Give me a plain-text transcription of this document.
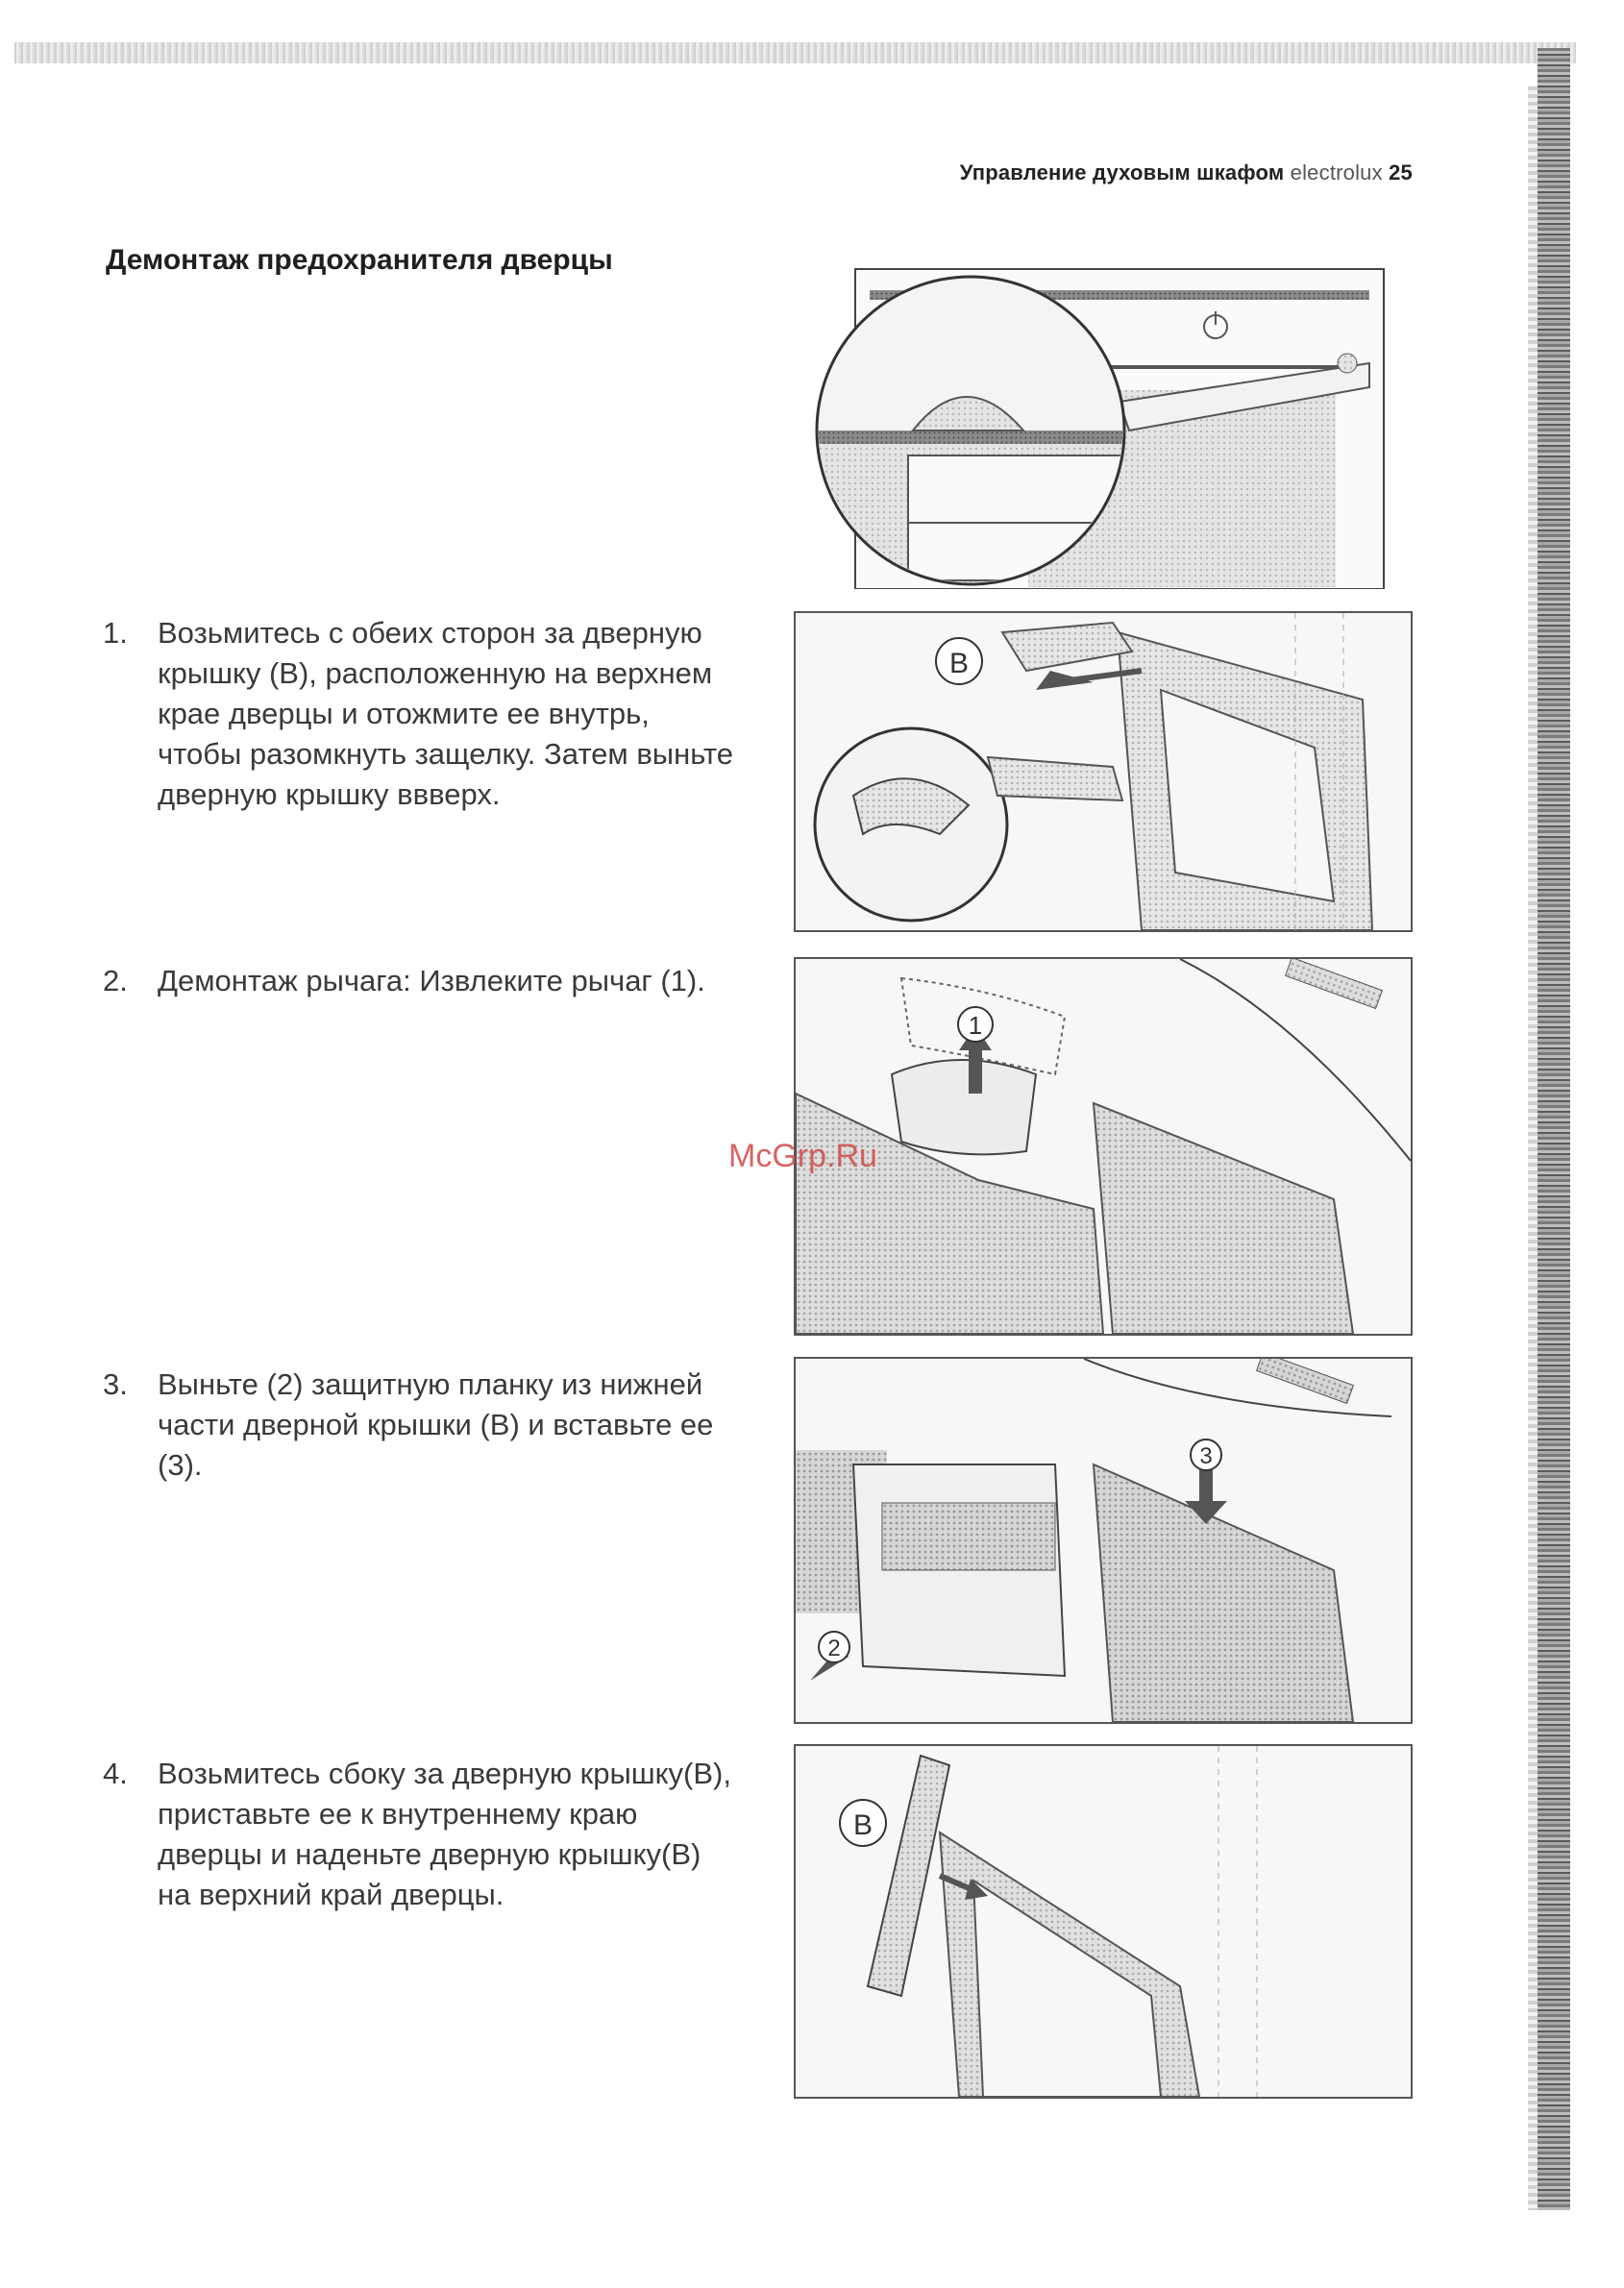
Управление духовым шкафом electrolux 25
Демонтаж предохранителя дверцы
1. Возьмитесь с обеих сторон за дверную крышку (B), расположенную на верхнем крае дверцы и отожмите ее внутрь, чтобы разомкнуть защелку. Затем выньте дверную крышку ввверх.
2. Демонтаж рычага: Извлеките рычаг (1).
3. Выньте (2) защитную планку из нижней части дверной крышки (B) и вставьте ее (3).
4. Возьмитесь сбоку за дверную крышку(B), приставьте ее к внутреннему краю дверцы и наденьте дверную крышку(B) на верхний край дверцы.
B
1
3
2
B
McGrp.Ru
